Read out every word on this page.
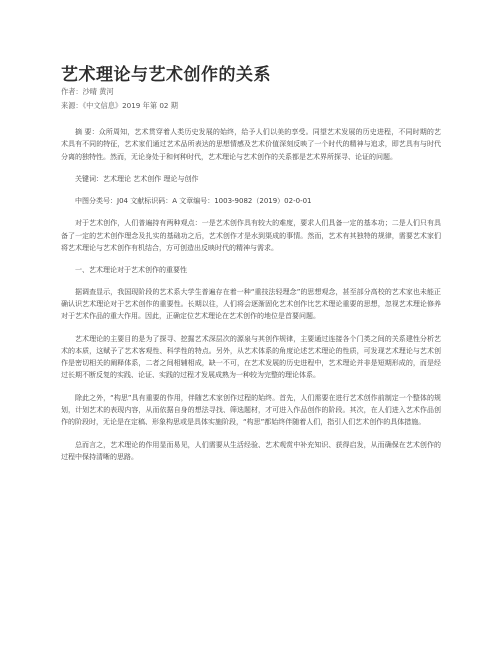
艺术理论与艺术创作的关系
作者：沙晴 黄河
来源：《中文信息》2019 年第 02 期

摘 要：众所周知，艺术贯穿着人类历史发展的始终，给予人们以美的享受。同望艺术发展的历史进程，不同时期的艺术具有不同的特征，艺术家们通过艺术品所表达的思想情感及艺术价值深刻反映了一个时代的精神与追求，即艺具有与时代分离的独特性。然而，无论身处于和何种时代，艺术理论与艺术创作的关系都是艺术界所探寻、论证的问题。

关键词：艺术理论 艺术创作 理论与创作

中图分类号：J04 文献标识码：A 文章编号：1003-9082（2019）02-0-01

对于艺术创作，人们普遍持有两种观点：一是艺术创作具有较大的难度，要求人们具备一定的基本功；二是人们只有具备了一定的艺术创作理念及扎实的基础功之后，艺术创作才是水到渠成的事情。然而，艺术有其独特的规律，需要艺术家们将艺术理论与艺术创作有机结合，方可创造出反映时代的精神与需求。

一、艺术理论对于艺术创作的重要性

据调查显示，我国现阶段的艺术系大学生普遍存在着一种“重技法轻理念”的思想观念，甚至部分高校的艺术家也未能正确认识艺术理论对于艺术创作的重要性。长期以往，人们将会逐渐固化艺术创作比艺术理论重要的思想，忽视艺术理论修养对于艺术作品的重大作用。因此，正确定位艺术理论在艺术创作的地位是首要问题。

艺术理论的主要目的是为了探寻、挖掘艺术深层次的源泉与其创作规律，主要通过连接各个门类之间的关系建性分析艺术的本质，这赋予了艺术客观性、科学性的特点。另外，从艺术体系的角度论述艺术理论的性质，可发现艺术理论与艺术创作是密切相关的阐释体系，二者之间相辅相成，缺一不可，在艺术发展的历史进程中，艺术理论并非是短期形成的，而是经过长期不断反复的实践、论证、实践的过程才发展成熟为一种较为完整的理论体系。

除此之外，“构思”具有重要的作用，伴随艺术家创作过程的始终。首先，人们需要在进行艺术创作前制定一个整体的规划，计划艺术的表现内容，从而依据自身的想法寻找、筛选题材，才可进入作品创作的阶段。其次，在人们进入艺术作品创作的阶段时，无论是在定稿、形象构思或是具体实施阶段，“构思”都始终伴随着人们，指引人们艺术创作的具体措施。

总而言之，艺术理论的作用显而易见，人们需要从生活经验、艺术观赏中补充知识、获得启发，从而确保在艺术创作的过程中保持清晰的思路。
